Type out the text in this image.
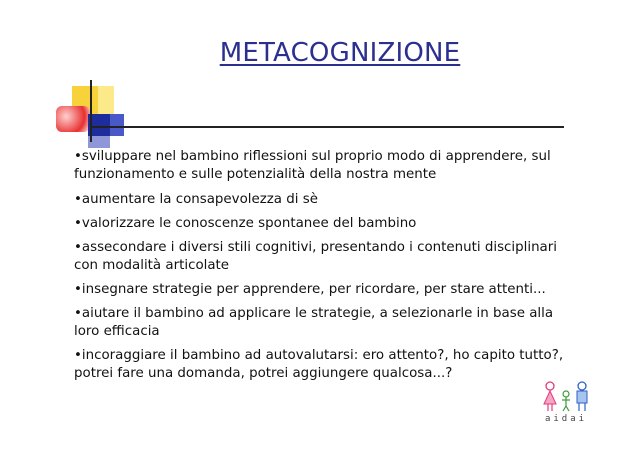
METACOGNIZIONE
•sviluppare nel bambino riflessioni sul proprio modo di apprendere, sul funzionamento e sulle potenzialità della nostra mente
•aumentare la consapevolezza di sè
•valorizzare le conoscenze spontanee del bambino
•assecondare i diversi stili cognitivi, presentando i contenuti disciplinari con modalità articolate
•insegnare strategie per apprendere, per ricordare, per stare attenti...
•aiutare il bambino ad applicare le strategie, a selezionarle in base alla loro efficacia
•incoraggiare il bambino ad autovalutarsi: ero attento?, ho capito tutto?, potrei fare una domanda, potrei aggiungere qualcosa...?
aidai
